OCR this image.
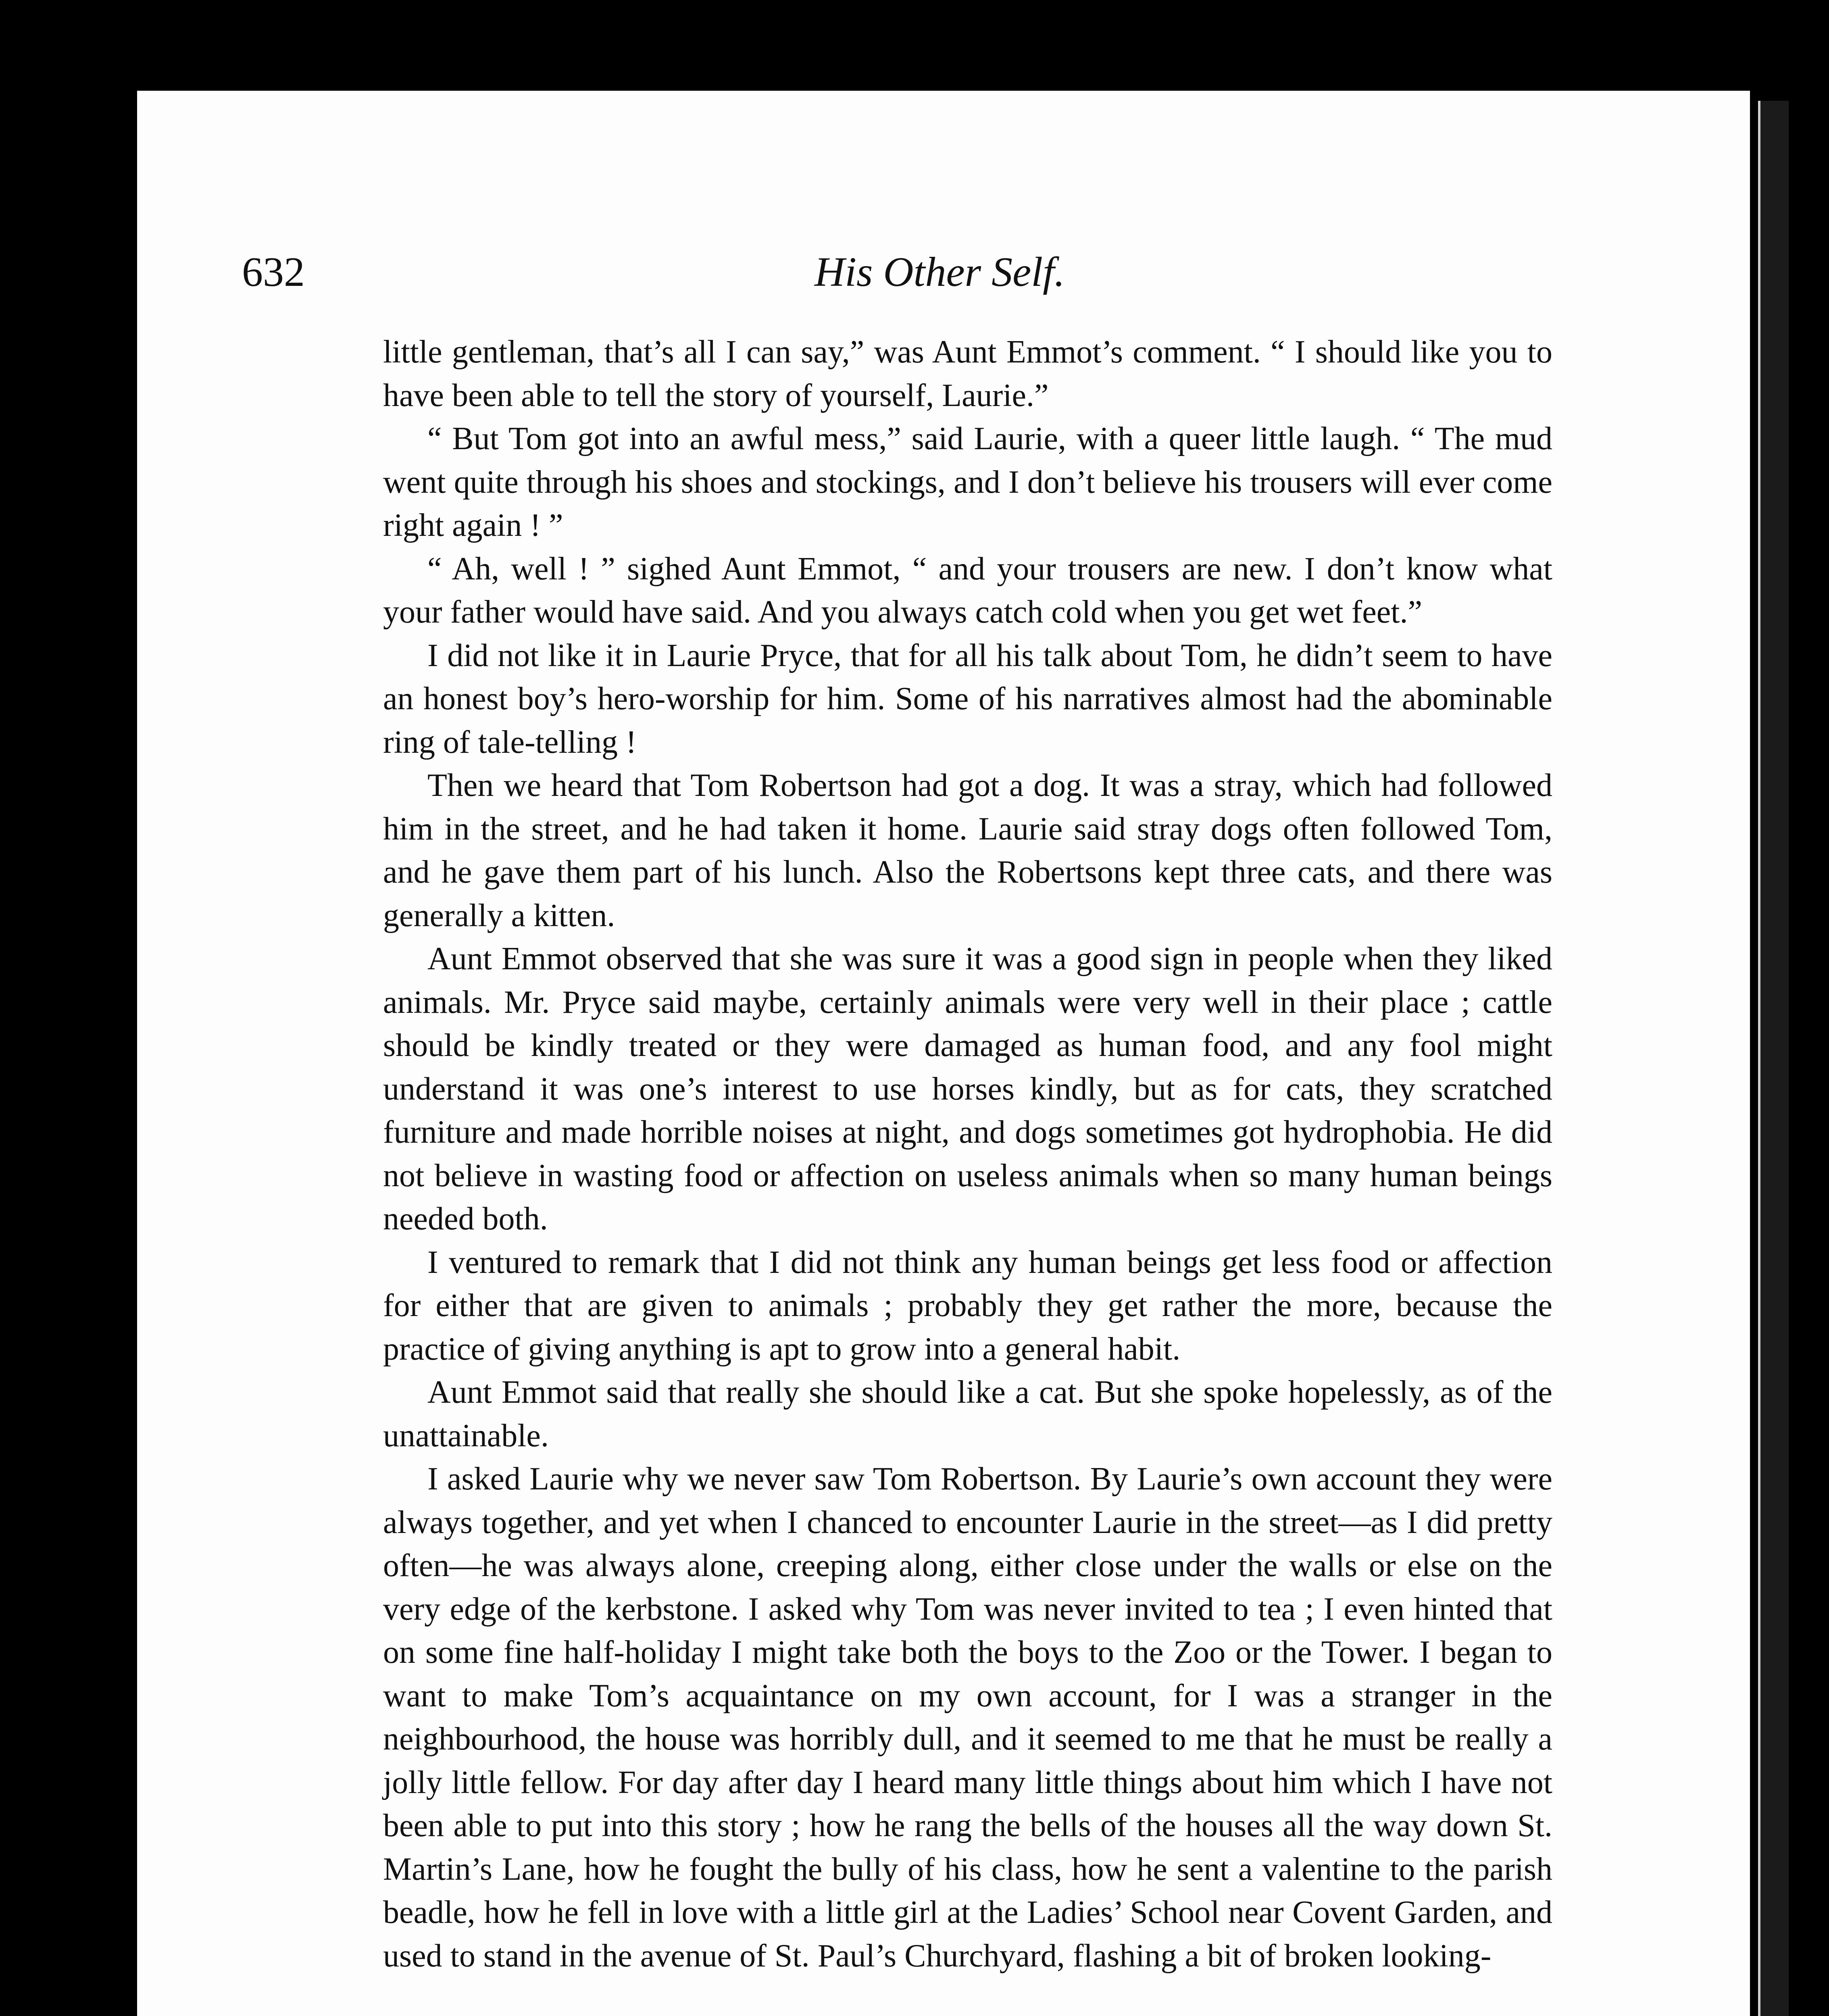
632	His Other Self.

little gentleman, that’s all I can say,” was Aunt Emmot’s comment. “ I should like you to have been able to tell the story of yourself, Laurie.”

“ But Tom got into an awful mess,” said Laurie, with a queer little laugh. “ The mud went quite through his shoes and stockings, and I don’t believe his trousers will ever come right again ! ”

“ Ah, well ! ” sighed Aunt Emmot, “ and your trousers are new. I don’t know what your father would have said. And you always catch cold when you get wet feet.”

I did not like it in Laurie Pryce, that for all his talk about Tom, he didn’t seem to have an honest boy’s hero-worship for him. Some of his narratives almost had the abominable ring of tale-telling !

Then we heard that Tom Robertson had got a dog. It was a stray, which had followed him in the street, and he had taken it home. Laurie said stray dogs often followed Tom, and he gave them part of his lunch. Also the Robertsons kept three cats, and there was generally a kitten.

Aunt Emmot observed that she was sure it was a good sign in people when they liked animals. Mr. Pryce said maybe, certainly animals were very well in their place ; cattle should be kindly treated or they were damaged as human food, and any fool might understand it was one’s interest to use horses kindly, but as for cats, they scratched furniture and made horrible noises at night, and dogs sometimes got hydrophobia. He did not believe in wasting food or affection on useless animals when so many human beings needed both.

I ventured to remark that I did not think any human beings get less food or affection for either that are given to animals ; probably they get rather the more, because the practice of giving anything is apt to grow into a general habit.

Aunt Emmot said that really she should like a cat. But she spoke hopelessly, as of the unattainable.

I asked Laurie why we never saw Tom Robertson. By Laurie’s own account they were always together, and yet when I chanced to encounter Laurie in the street—as I did pretty often—he was always alone, creeping along, either close under the walls or else on the very edge of the kerbstone. I asked why Tom was never invited to tea ; I even hinted that on some fine half-holiday I might take both the boys to the Zoo or the Tower. I began to want to make Tom’s acquaintance on my own account, for I was a stranger in the neighbourhood, the house was horribly dull, and it seemed to me that he must be really a jolly little fellow. For day after day I heard many little things about him which I have not been able to put into this story ; how he rang the bells of the houses all the way down St. Martin’s Lane, how he fought the bully of his class, how he sent a valentine to the parish beadle, how he fell in love with a little girl at the Ladies’ School near Covent Garden, and used to stand in the avenue of St. Paul’s Churchyard, flashing a bit of broken looking-
